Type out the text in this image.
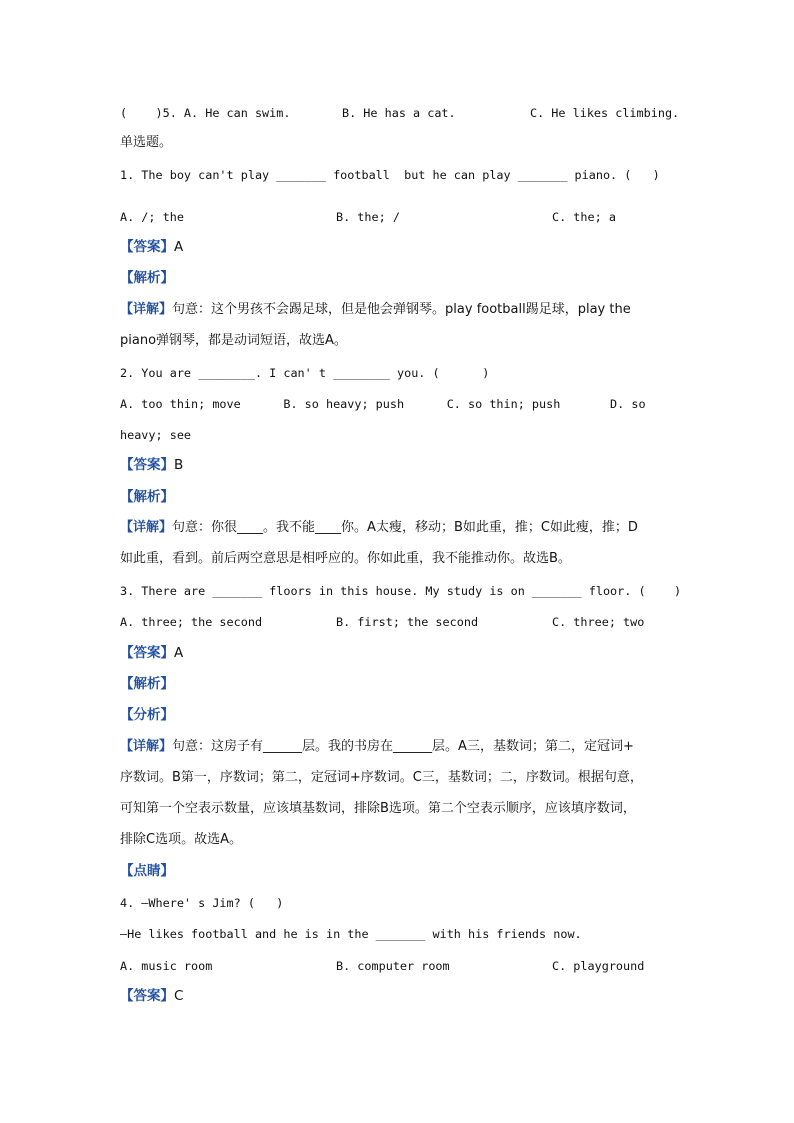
(    )5. A. He can swim.

	B. He has a cat.

	C. He likes climbing.

单选题。
1. The boy can't play _______ football  but he can play _______ piano. (   )

A. /; the

	B. the; /

	C. the; a

【答案】A
【解析】
【详解】句意：这个男孩不会踢足球，但是他会弹钢琴。play football踢足球，play the
piano弹钢琴，都是动词短语，故选A。
2. You are ________. I can' t ________ you. (      )
A. too thin; move      B. so heavy; push      C. so thin; push       D. so
heavy; see
【答案】B
【解析】
【详解】句意：你很____。我不能____你。A太瘦，移动；B如此重，推；C如此瘦，推；D
如此重，看到。前后两空意思是相呼应的。你如此重，我不能推动你。故选B。
3. There are _______ floors in this house. My study is on _______ floor. (    )

A. three; the second

	B. first; the second

	C. three; two

【答案】A
【解析】
【分析】
【详解】句意：这房子有______层。我的书房在______层。A三，基数词；第二，定冠词+
序数词。B第一，序数词；第二，定冠词+序数词。C三，基数词；二，序数词。根据句意，
可知第一个空表示数量，应该填基数词，排除B选项。第二个空表示顺序，应该填序数词，
排除C选项。故选A。
【点睛】
4. —Where' s Jim? (   )
—He likes football and he is in the _______ with his friends now.

A. music room

	B. computer room

	C. playground

【答案】C
